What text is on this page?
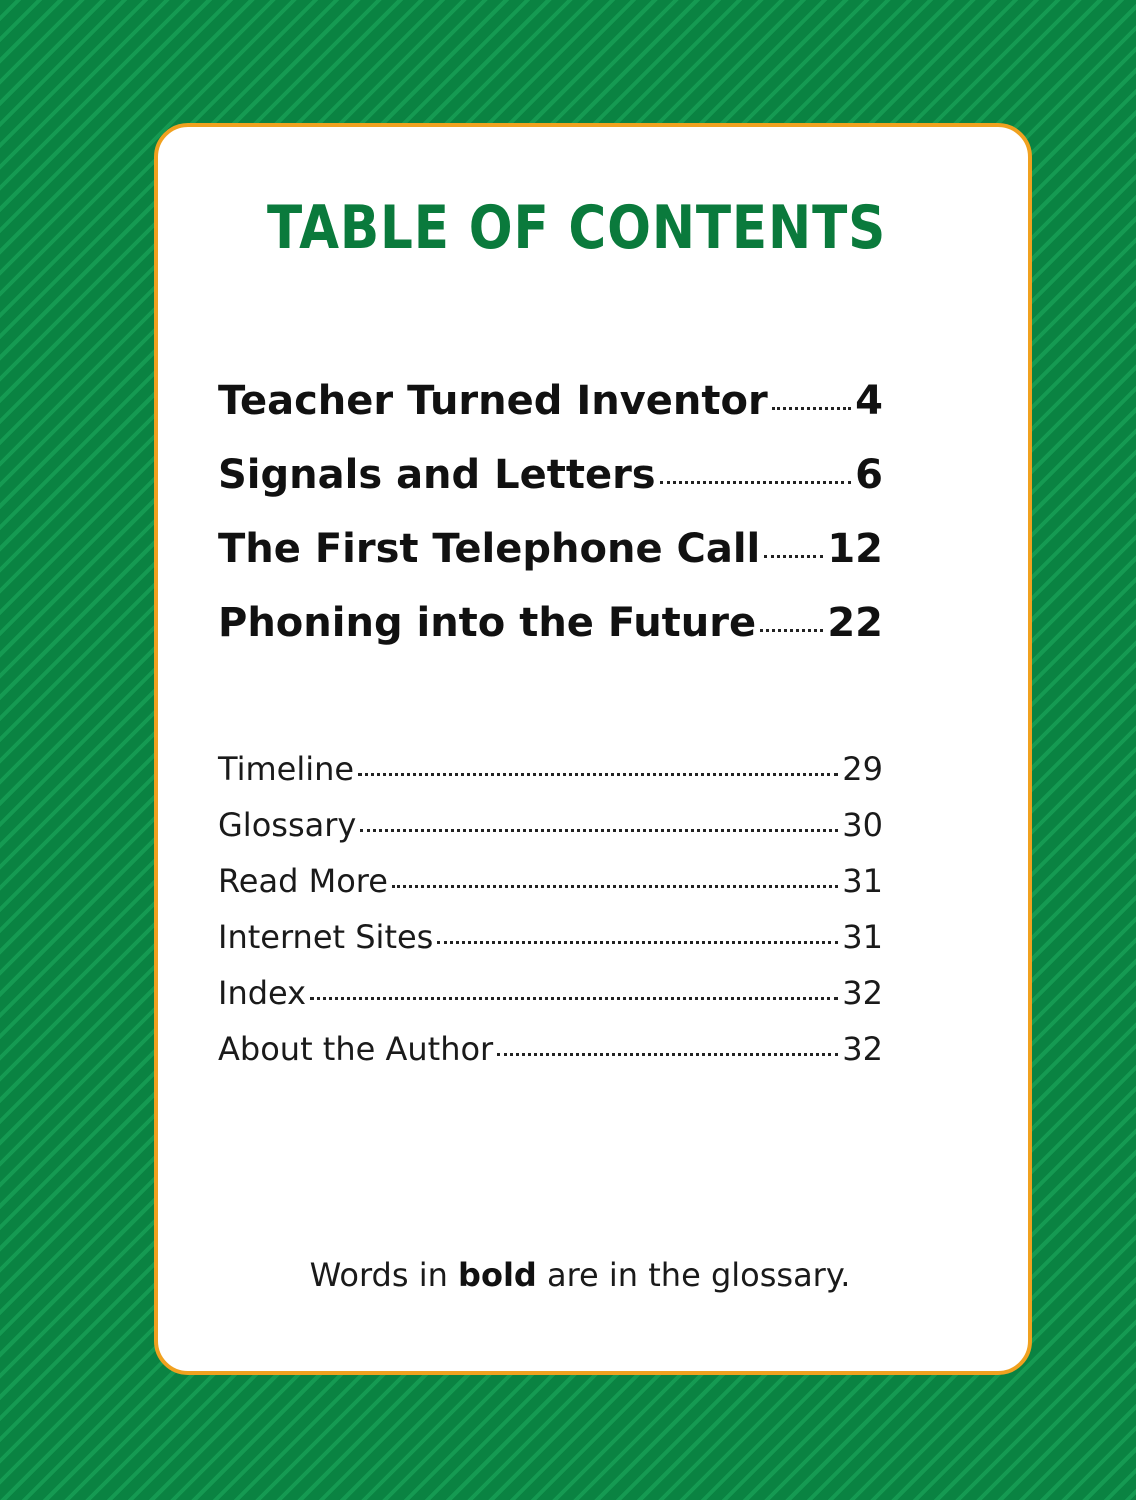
TABLE OF CONTENTS
Teacher Turned Inventor 4
Signals and Letters	6
The First Telephone Call 12
Phoning into the Future 22
Timeline	29
Glossary	30
Read More	31
Internet Sites	31
Index	32
About the Author	32
Words in bold are in the glossary.
